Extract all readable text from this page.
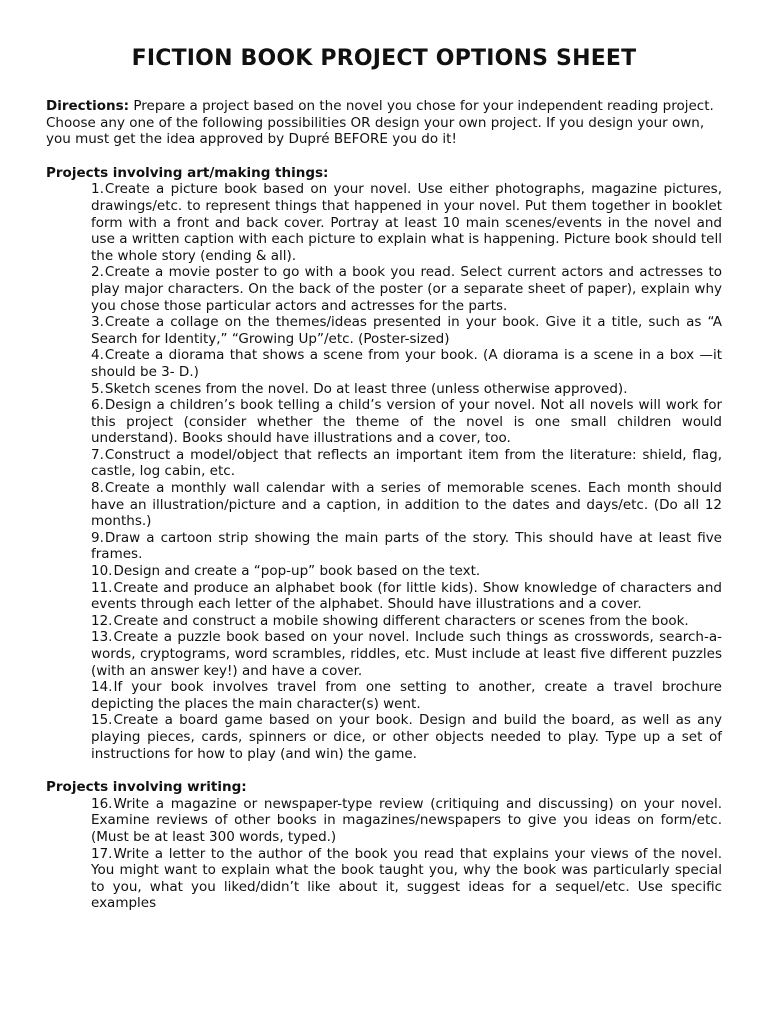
FICTION BOOK PROJECT OPTIONS SHEET

Directions: Prepare a project based on the novel you chose for your independent reading project. Choose any one of the following possibilities OR design your own project. If you design your own, you must get the idea approved by Dupré BEFORE you do it!

Projects involving art/making things:

1.Create a picture book based on your novel. Use either photographs, magazine pictures, drawings/etc. to represent things that happened in your novel. Put them together in booklet form with a front and back cover. Portray at least 10 main scenes/events in the novel and use a written caption with each picture to explain what is happening. Picture book should tell the whole story (ending & all).
2.Create a movie poster to go with a book you read. Select current actors and actresses to play major characters. On the back of the poster (or a separate sheet of paper), explain why you chose those particular actors and actresses for the parts.
3.Create a collage on the themes/ideas presented in your book. Give it a title, such as “A Search for Identity,” “Growing Up”/etc. (Poster-sized)
4.Create a diorama that shows a scene from your book. (A diorama is a scene in a box —it should be 3- D.)
5.Sketch scenes from the novel. Do at least three (unless otherwise approved).
6.Design a children’s book telling a child’s version of your novel. Not all novels will work for this project (consider whether the theme of the novel is one small children would understand). Books should have illustrations and a cover, too.
7.Construct a model/object that reflects an important item from the literature: shield, flag, castle, log cabin, etc.
8.Create a monthly wall calendar with a series of memorable scenes. Each month should have an illustration/picture and a caption, in addition to the dates and days/etc. (Do all 12 months.)
9.Draw a cartoon strip showing the main parts of the story. This should have at least five frames.
10.Design and create a “pop-up” book based on the text.
11.Create and produce an alphabet book (for little kids). Show knowledge of characters and events through each letter of the alphabet. Should have illustrations and a cover.
12.Create and construct a mobile showing different characters or scenes from the book.
13.Create a puzzle book based on your novel. Include such things as crosswords, search-a- words, cryptograms, word scrambles, riddles, etc. Must include at least five different puzzles (with an answer key!) and have a cover.
14.If your book involves travel from one setting to another, create a travel brochure depicting the places the main character(s) went.
15.Create a board game based on your book. Design and build the board, as well as any playing pieces, cards, spinners or dice, or other objects needed to play. Type up a set of instructions for how to play (and win) the game.

Projects involving writing:

16.Write a magazine or newspaper-type review (critiquing and discussing) on your novel. Examine reviews of other books in magazines/newspapers to give you ideas on form/etc. (Must be at least 300 words, typed.)
17.Write a letter to the author of the book you read that explains your views of the novel. You might want to explain what the book taught you, why the book was particularly special to you, what you liked/didn’t like about it, suggest ideas for a sequel/etc. Use specific examples
